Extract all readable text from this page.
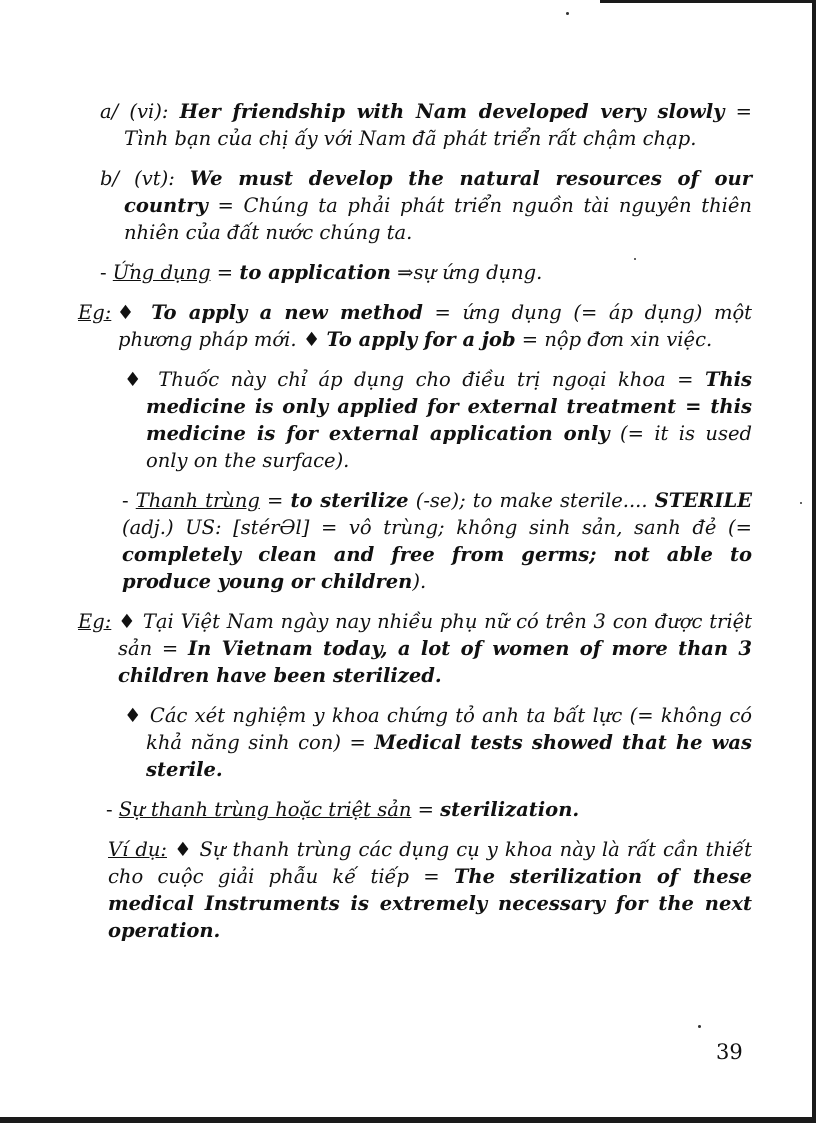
a/ (vi): Her friendship with Nam developed very slowly = Tình bạn của chị ấy với Nam đã phát triển rất chậm chạp.

b/ (vt): We must develop the natural resources of our country = Chúng ta phải phát triển nguồn tài nguyên thiên nhiên của đất nước chúng ta.

- Ứng dụng = to application ⇒sự ứng dụng.

Eg:♦ To apply a new method = ứng dụng (= áp dụng) một phương pháp mới. ♦ To apply for a job = nộp đơn xin việc.

♦ Thuốc này chỉ áp dụng cho điều trị ngoại khoa = This medicine is only applied for external treatment = this medicine is for external application only (= it is used only on the surface).

- Thanh trùng = to sterilize (-se); to make sterile.... STERILE (adj.) US: [stérƏl] = vô trùng; không sinh sản, sanh đẻ (= completely clean and free from germs; not able to produce young or children).

Eg: ♦ Tại Việt Nam ngày nay nhiều phụ nữ có trên 3 con được triệt sản = In Vietnam today, a lot of women of more than 3 children have been sterilized.

♦ Các xét nghiệm y khoa chứng tỏ anh ta bất lực (= không có khả năng sinh con) = Medical tests showed that he was sterile.

- Sự thanh trùng hoặc triệt sản = sterilization.

Ví dụ: ♦ Sự thanh trùng các dụng cụ y khoa này là rất cần thiết cho cuộc giải phẫu kế tiếp = The sterilization of these medical Instruments is extremely necessary for the next operation.

39
